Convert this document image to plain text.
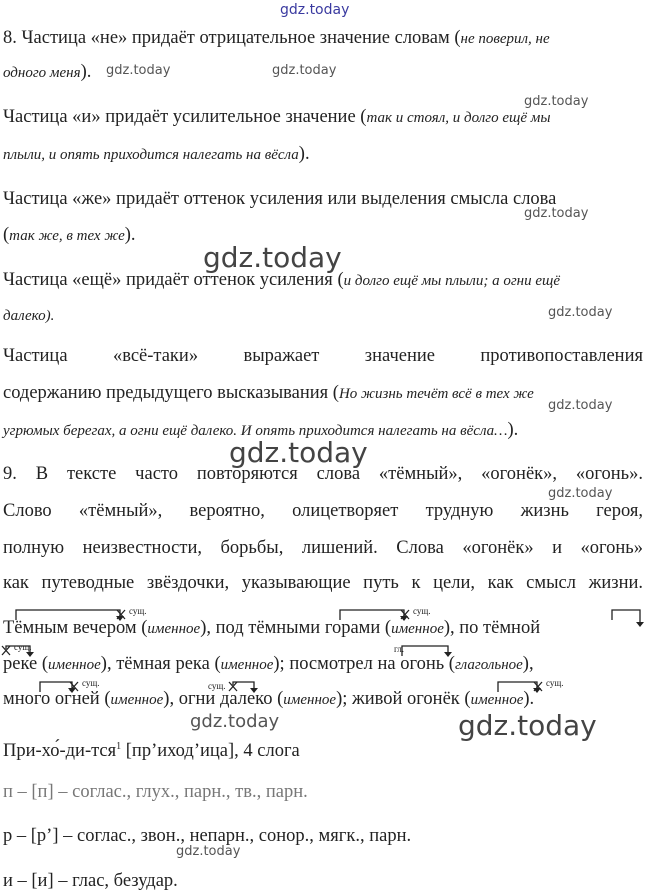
gdz.today
8. Частица «не» придаёт отрицательное значение словам (не поверил, не
одного меня).	gdz.today	gdz.today
gdz.today
Частица «и» придаёт усилительное значение (так и стоял, и долго ещё мы
плыли, и опять приходится налегать на вёсла).
Частица «же» придаёт оттенок усиления или выделения смысла слова
gdz.today
(так же, в тех же).
gdz.today
Частица «ещё» придаёт оттенок усиления (и долго ещё мы плыли; а огни ещё
далеко).	gdz.today
Частица «всё-таки» выражает значение противопоставления
содержанию предыдущего высказывания (Но жизнь течёт всё в тех же
gdz.today
угрюмых берегах, а огни ещё далеко. И опять приходится налегать на вёсла…).
gdz.today
9. В тексте часто повторяются слова «тёмный», «огонёк», «огонь».
gdz.today
Слово «тёмный», вероятно, олицетворяет трудную жизнь героя,
полную неизвестности, борьбы, лишений. Слова «огонёк» и «огонь»
как путеводные звёздочки, указывающие путь к цели, как смысл жизни.
сущ.	сущ.
сущ.	гл.
сущ.	сущ.	сущ.
Тёмным вечером (именное), под тёмными горами (именное), по тёмной
реке (именное), тёмная река (именное); посмотрел на огонь (глагольное),
много огней (именное), огни далеко (именное); живой огонёк (именное).
gdz.today
gdz.today
При-хо́-ди-тся$^1$ [пр’иход’ица], 4 слога
п – [п] – соглас., глух., парн., тв., парн.
р – [р’] – соглас., звон., непарн., сонор., мягк., парн.
gdz.today
и – [и] – глас, безудар.
